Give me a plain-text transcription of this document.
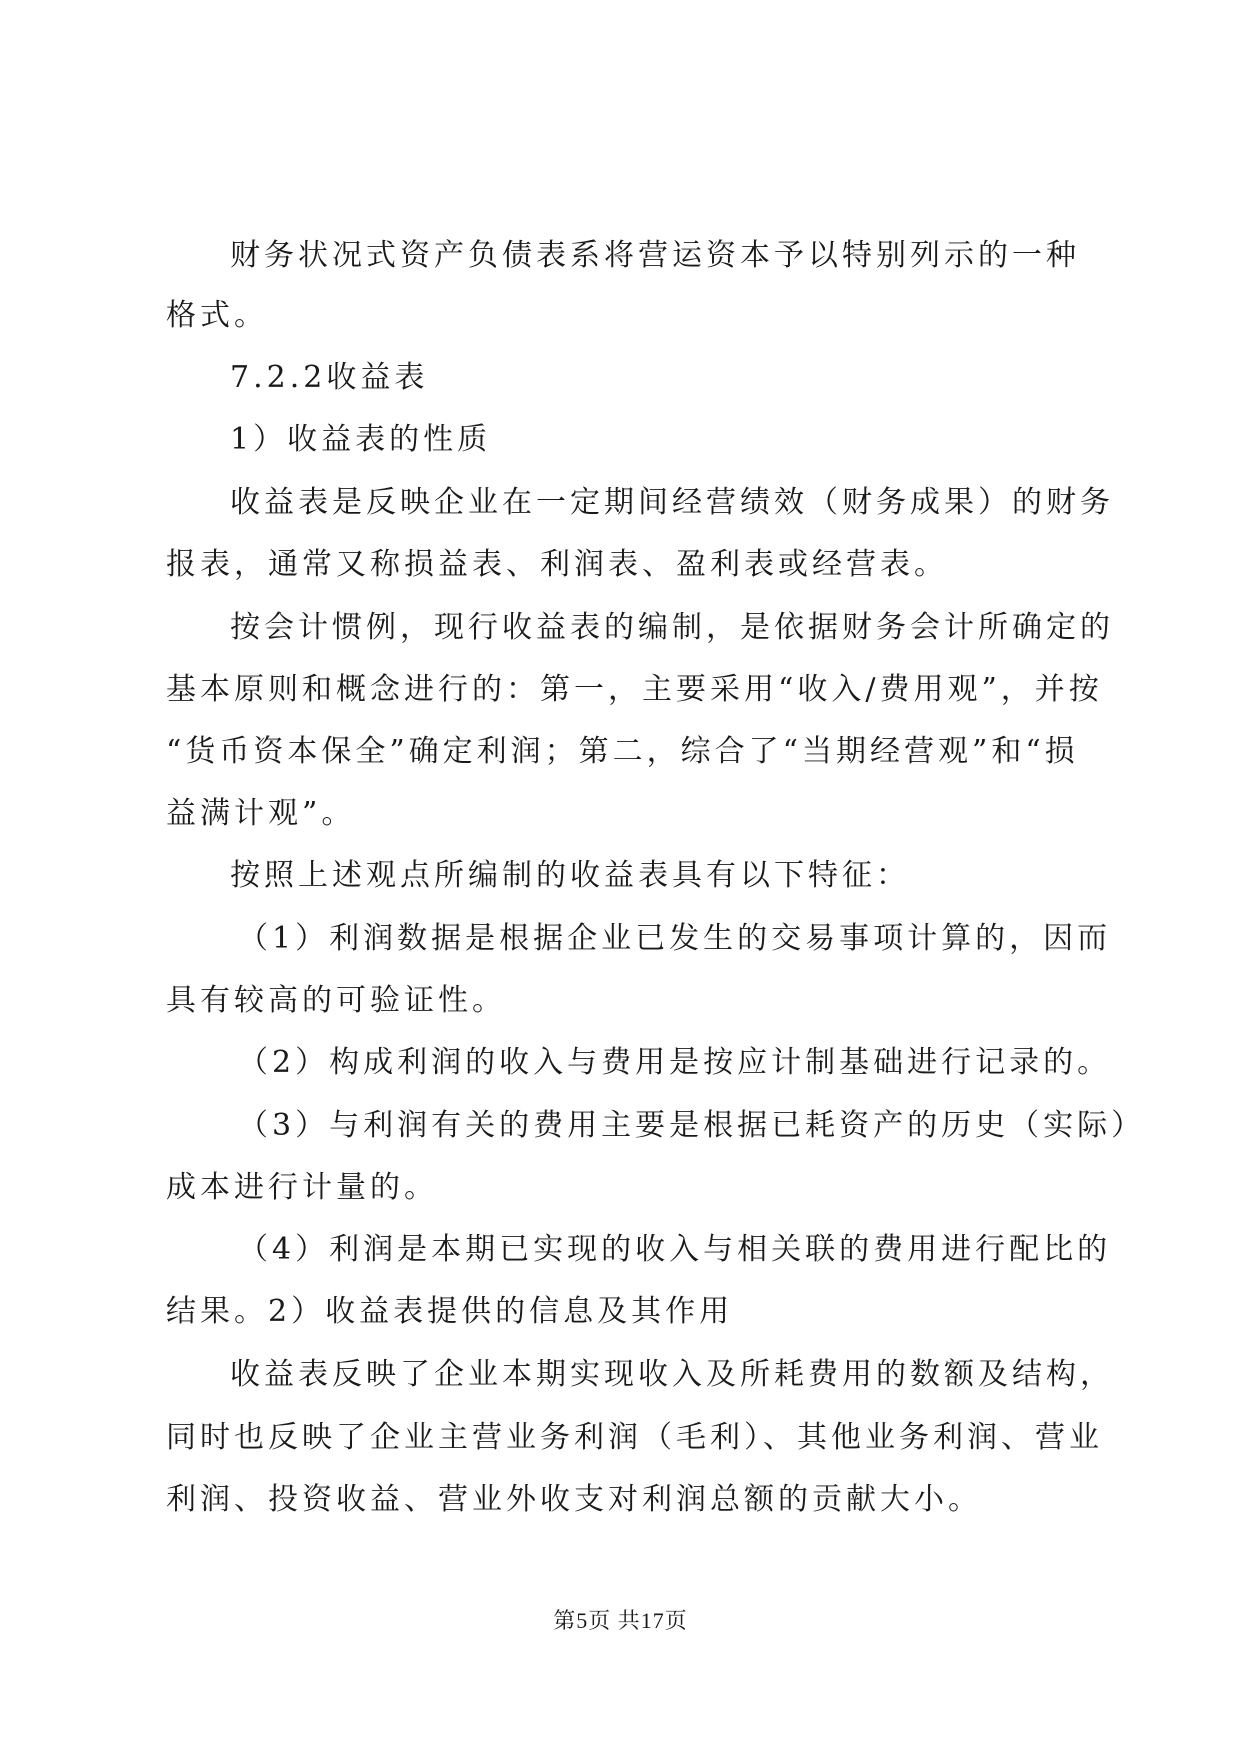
财务状况式资产负债表系将营运资本予以特别列示的一种
格式。
7.2.2收益表
1）收益表的性质
收益表是反映企业在一定期间经营绩效（财务成果）的财务
报表，通常又称损益表、利润表、盈利表或经营表。
按会计惯例，现行收益表的编制，是依据财务会计所确定的
基本原则和概念进行的：第一，主要采用“收入/费用观”，并按
“货币资本保全”确定利润；第二，综合了“当期经营观”和“损
益满计观”。
按照上述观点所编制的收益表具有以下特征：
（1）利润数据是根据企业已发生的交易事项计算的，因而
具有较高的可验证性。
（2）构成利润的收入与费用是按应计制基础进行记录的。
（3）与利润有关的费用主要是根据已耗资产的历史（实际）
成本进行计量的。
（4）利润是本期已实现的收入与相关联的费用进行配比的
结果。2）收益表提供的信息及其作用
收益表反映了企业本期实现收入及所耗费用的数额及结构，
同时也反映了企业主营业务利润（毛利）、其他业务利润、营业
利润、投资收益、营业外收支对利润总额的贡献大小。
第5页 共17页
